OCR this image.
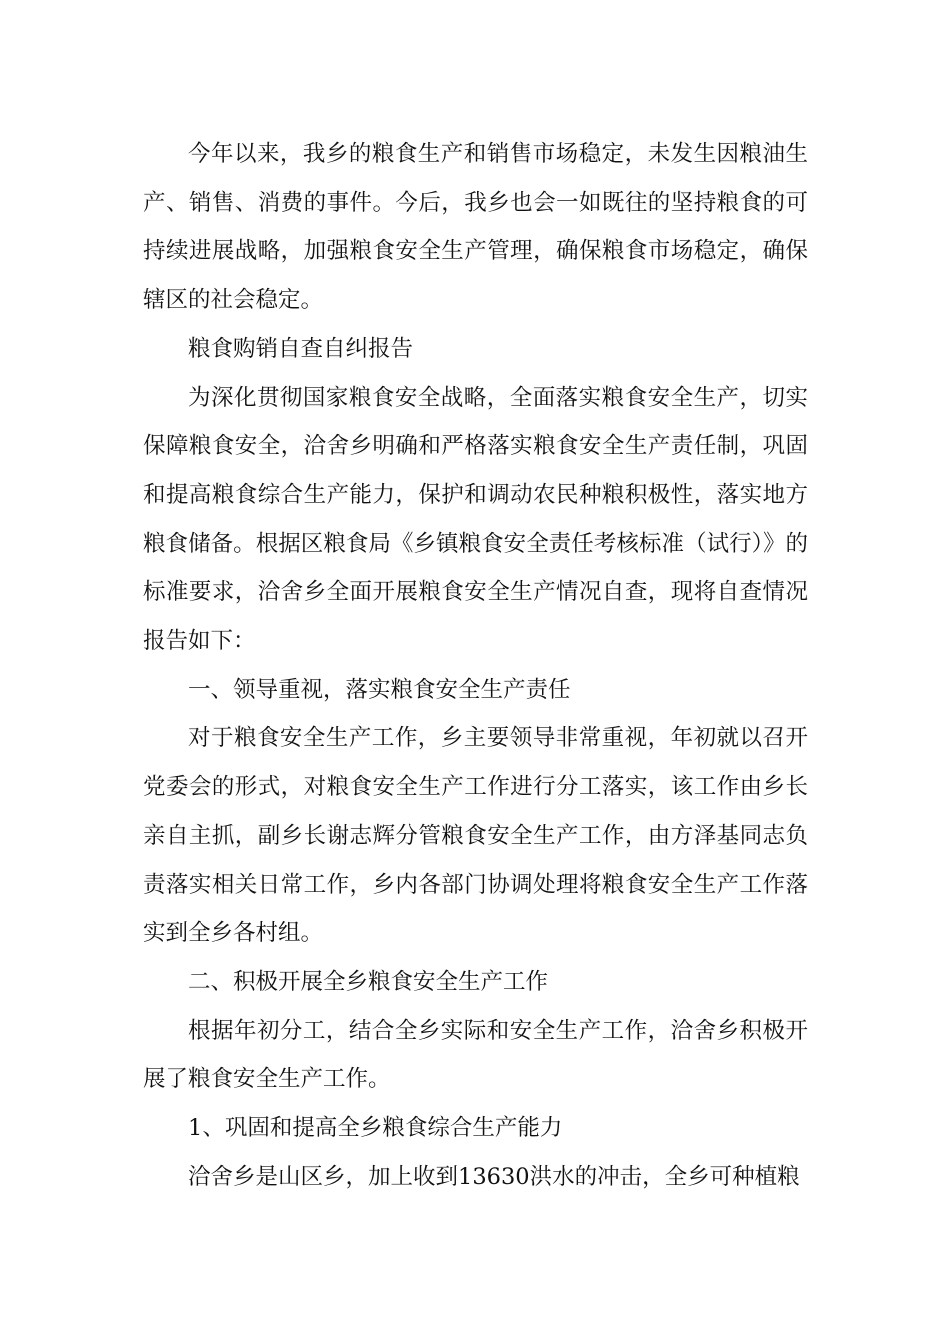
今年以来，我乡的粮食生产和销售市场稳定，未发生因粮油生产、销售、消费的事件。今后，我乡也会一如既往的坚持粮食的可持续进展战略，加强粮食安全生产管理，确保粮食市场稳定，确保辖区的社会稳定。

粮食购销自查自纠报告

为深化贯彻国家粮食安全战略，全面落实粮食安全生产，切实保障粮食安全，洽舍乡明确和严格落实粮食安全生产责任制，巩固和提高粮食综合生产能力，保护和调动农民种粮积极性，落实地方粮食储备。根据区粮食局《乡镇粮食安全责任考核标准（试行）》的标准要求，洽舍乡全面开展粮食安全生产情况自查，现将自查情况报告如下：

一、领导重视，落实粮食安全生产责任

对于粮食安全生产工作，乡主要领导非常重视，年初就以召开党委会的形式，对粮食安全生产工作进行分工落实，该工作由乡长亲自主抓，副乡长谢志辉分管粮食安全生产工作，由方泽基同志负责落实相关日常工作，乡内各部门协调处理将粮食安全生产工作落实到全乡各村组。

二、积极开展全乡粮食安全生产工作

根据年初分工，结合全乡实际和安全生产工作，洽舍乡积极开展了粮食安全生产工作。

1、巩固和提高全乡粮食综合生产能力

洽舍乡是山区乡，加上收到13630洪水的冲击，全乡可种植粮
